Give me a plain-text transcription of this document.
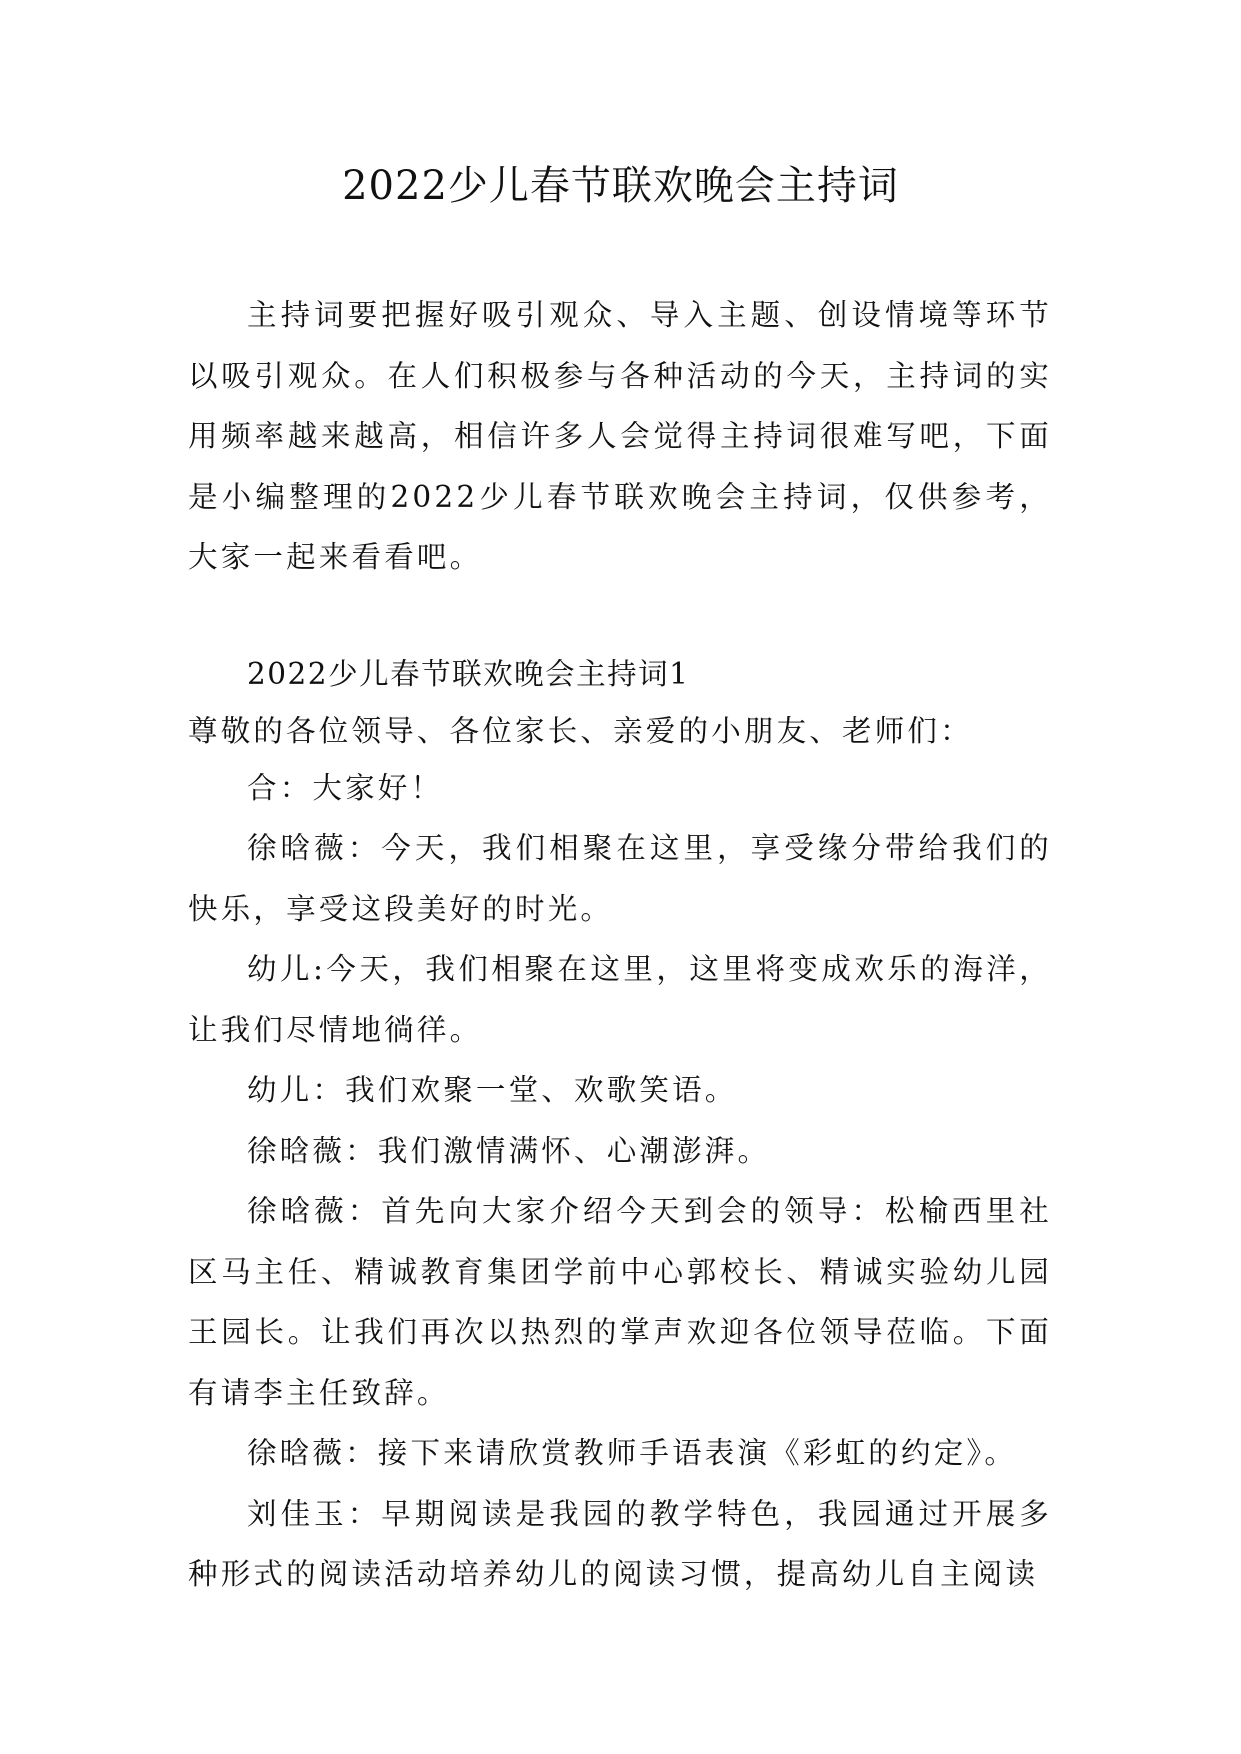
2022少儿春节联欢晚会主持词

主持词要把握好吸引观众、导入主题、创设情境等环节以吸引观众。在人们积极参与各种活动的今天，主持词的实用频率越来越高，相信许多人会觉得主持词很难写吧，下面是小编整理的2022少儿春节联欢晚会主持词，仅供参考，大家一起来看看吧。

2022少儿春节联欢晚会主持词1

尊敬的各位领导、各位家长、亲爱的小朋友、老师们：

合：大家好！

徐晗薇：今天，我们相聚在这里，享受缘分带给我们的快乐，享受这段美好的时光。

幼儿:今天，我们相聚在这里，这里将变成欢乐的海洋，让我们尽情地徜徉。

幼儿：我们欢聚一堂、欢歌笑语。

徐晗薇：我们激情满怀、心潮澎湃。

徐晗薇：首先向大家介绍今天到会的领导：松榆西里社区马主任、精诚教育集团学前中心郭校长、精诚实验幼儿园王园长。让我们再次以热烈的掌声欢迎各位领导莅临。下面有请李主任致辞。

徐晗薇：接下来请欣赏教师手语表演《彩虹的约定》。

刘佳玉：早期阅读是我园的教学特色，我园通过开展多种形式的阅读活动培养幼儿的阅读习惯，提高幼儿自主阅读
